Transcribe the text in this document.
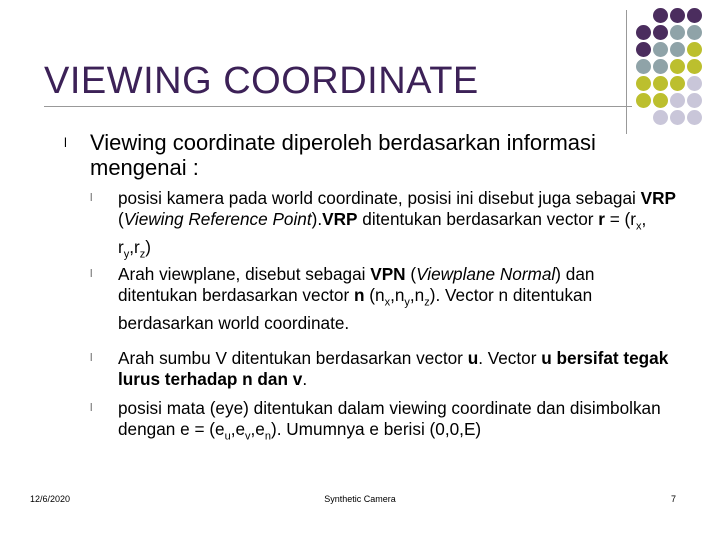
VIEWING COORDINATE
l Viewing coordinate diperoleh berdasarkan informasi mengenai :
l posisi kamera pada world coordinate, posisi ini disebut juga sebagai VRP (Viewing Reference Point).VRP ditentukan berdasarkan vector $r = (r_x$, $r_y,r_z$)
l Arah viewplane, disebut sebagai VPN (Viewplane Normal) dan ditentukan berdasarkan vector n $(n_x,n_y,n_z)$. Vector n ditentukan berdasarkan world coordinate.
l Arah sumbu V ditentukan berdasarkan vector u. Vector u bersifat tegak lurus terhadap n dan v.
l posisi mata (eye) ditentukan dalam viewing coordinate dan disimbolkan dengan $e = (e_u,e_v,e_n)$. Umumnya e berisi (0,0,E)
12/6/2020	Synthetic Camera	7
